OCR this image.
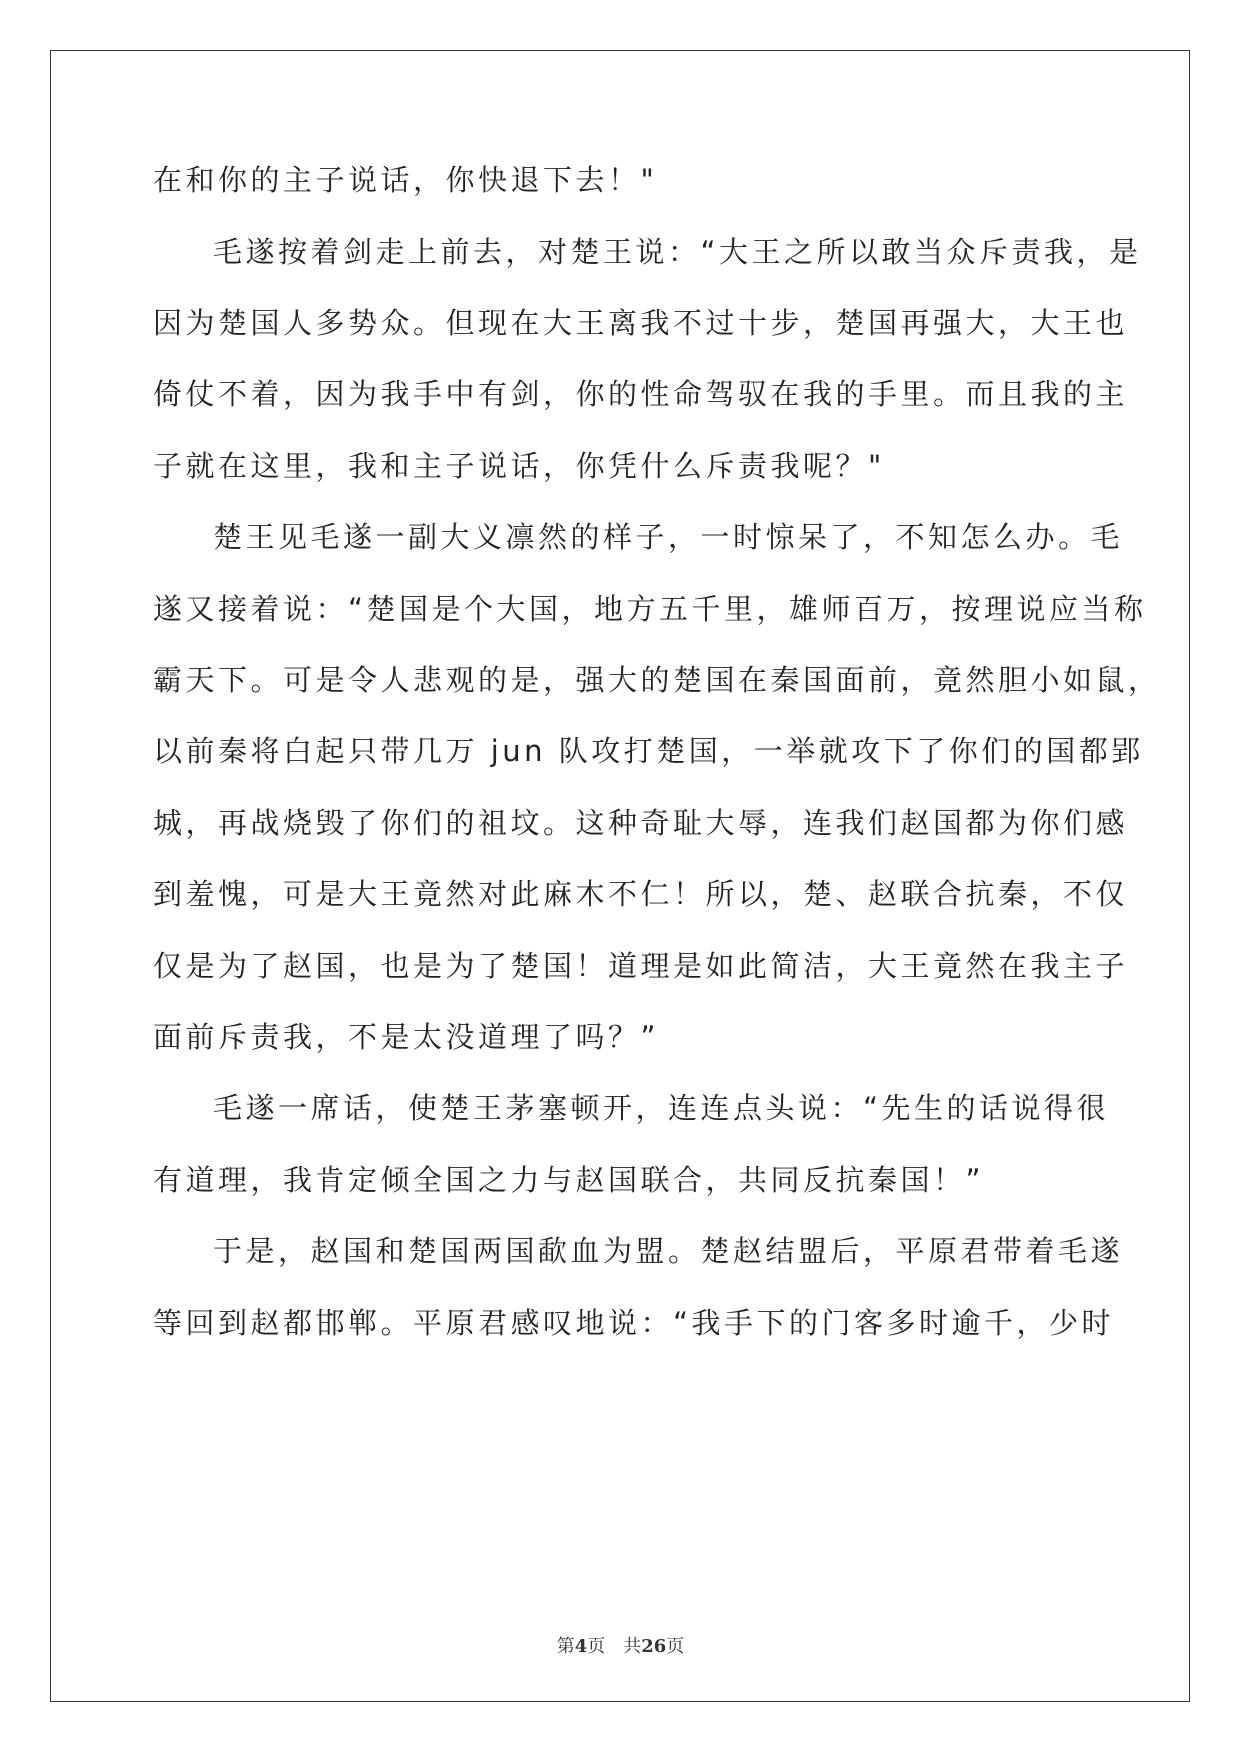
在和你的主子说话，你快退下去！"
毛遂按着剑走上前去，对楚王说：“大王之所以敢当众斥责我，是
因为楚国人多势众。但现在大王离我不过十步，楚国再强大，大王也
倚仗不着，因为我手中有剑，你的性命驾驭在我的手里。而且我的主
子就在这里，我和主子说话，你凭什么斥责我呢？"
楚王见毛遂一副大义凛然的样子，一时惊呆了，不知怎么办。毛
遂又接着说：“楚国是个大国，地方五千里，雄师百万，按理说应当称
霸天下。可是令人悲观的是，强大的楚国在秦国面前，竟然胆小如鼠，
以前秦将白起只带几万 jun 队攻打楚国，一举就攻下了你们的国都郢
城，再战烧毁了你们的祖坟。这种奇耻大辱，连我们赵国都为你们感
到羞愧，可是大王竟然对此麻木不仁！所以，楚、赵联合抗秦，不仅
仅是为了赵国，也是为了楚国！道理是如此简洁，大王竟然在我主子
面前斥责我，不是太没道理了吗？”
毛遂一席话，使楚王茅塞顿开，连连点头说：“先生的话说得很
有道理，我肯定倾全国之力与赵国联合，共同反抗秦国！”
于是，赵国和楚国两国歃血为盟。楚赵结盟后，平原君带着毛遂
等回到赵都邯郸。平原君感叹地说：“我手下的门客多时逾千，少时
第4页 共26页
